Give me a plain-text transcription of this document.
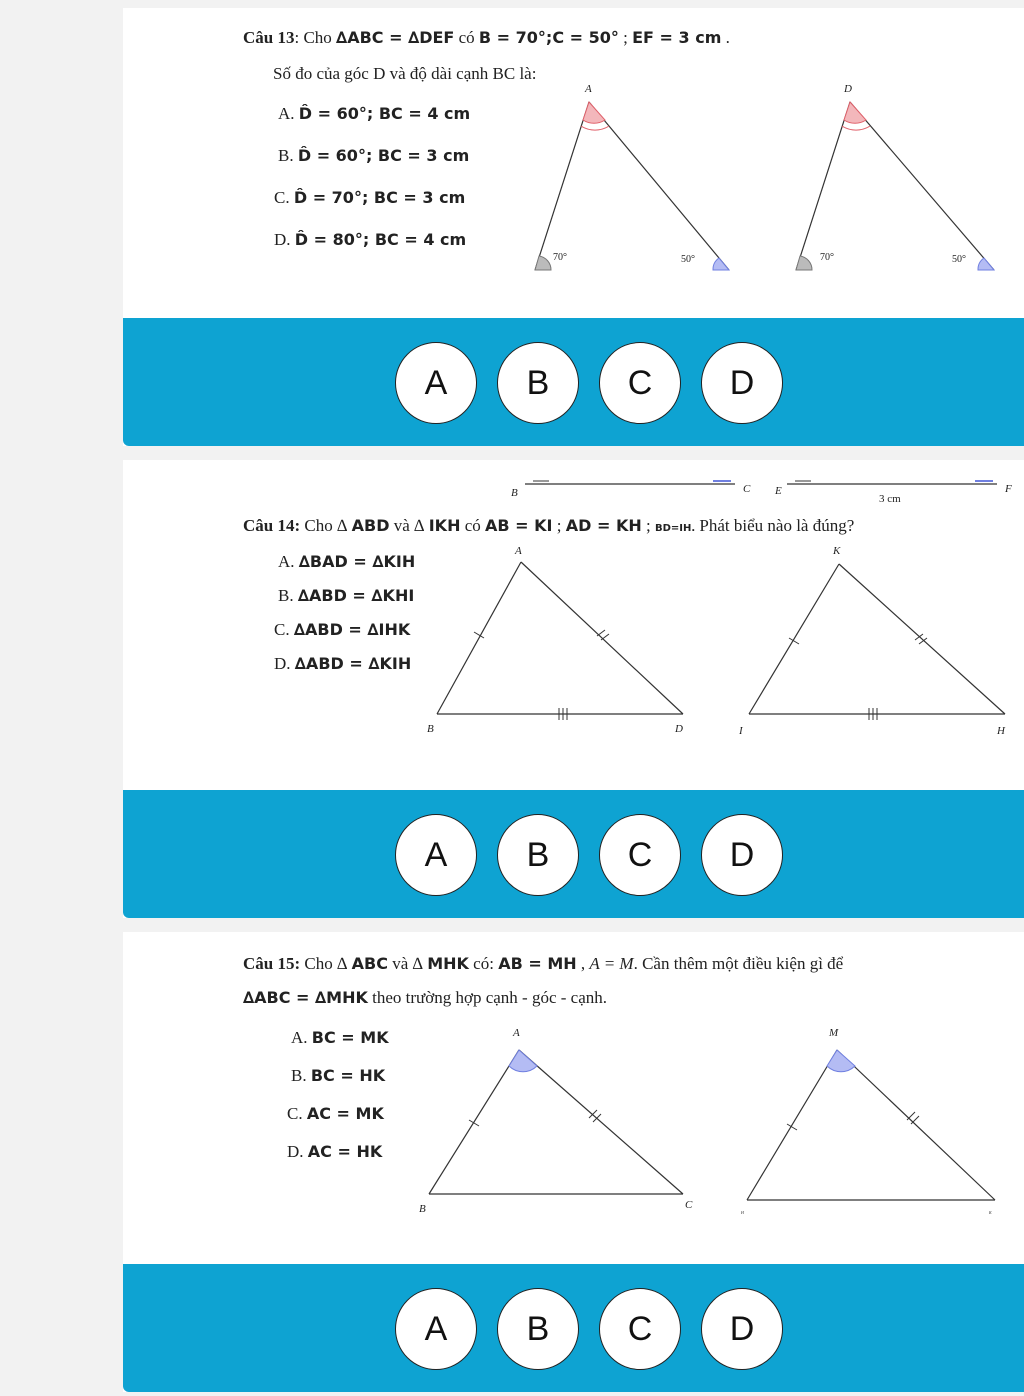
Câu 13: Cho ∆ABC = ∆DEF có B = 70°;C = 50° ; EF = 3 cm .
Số đo của góc D và độ dài cạnh BC là:
A. D̂ = 60°; BC = 4 cm
B. D̂ = 60°; BC = 3 cm
C. D̂ = 70°; BC = 3 cm
D. D̂ = 80°; BC = 4 cm
A
70°	50°
D
70°	50°
A	B	C	D
B	C E	F
3 cm
Câu 14: Cho ∆ ABD và ∆ IKH có AB = KI ; AD = KH ; BD=IH. Phát biểu nào là đúng?
A. ∆BAD = ∆KIH
B. ∆ABD = ∆KHI
C. ∆ABD = ∆IHK
D. ∆ABD = ∆KIH
A
B	D
K
I	H
A	B	C	D
Câu 15: Cho ∆ ABC và ∆ MHK có: AB = MH , A = M. Cần thêm một điều kiện gì để
∆ABC = ∆MHK theo trường hợp cạnh - góc - cạnh.
A. BC = MK
B. BC = HK
C. AC = MK
D. AC = HK
A
B	C
M
H	K
A	B	C	D
